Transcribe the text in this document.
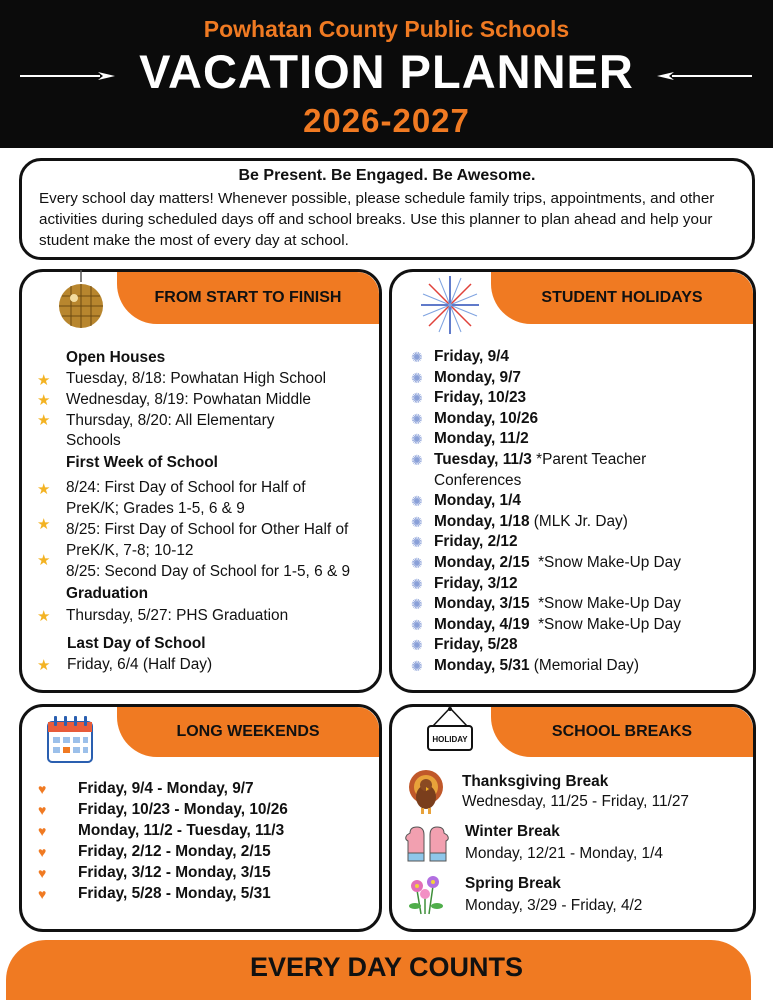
Powhatan County Public Schools
VACATION PLANNER
2026-2027
Be Present. Be Engaged. Be Awesome.
Every school day matters! Whenever possible, please schedule family trips, appointments, and other activities during scheduled days off and school breaks. Use this planner to plan ahead and help your student make the most of every day at school.
FROM START TO FINISH
Open Houses
★
★
★
Tuesday, 8/18: Powhatan High School
Wednesday, 8/19: Powhatan Middle
Thursday, 8/20: All Elementary
Schools
First Week of School
★
★
★
8/24: First Day of School for Half of
PreK/K; Grades 1-5, 6 & 9
8/25: First Day of School for Other Half of
PreK/K, 7-8; 10-12
8/25: Second Day of School for 1-5, 6 & 9
Graduation
★ Thursday, 5/27: PHS Graduation
Last Day of School
★ Friday, 6/4 (Half Day)
STUDENT HOLIDAYS
✺ Friday, 9/4
✺ Monday, 9/7
✺ Friday, 10/23
✺ Monday, 10/26
✺ Monday, 11/2
✺ Tuesday, 11/3 *Parent Teacher
Conferences
✺ Monday, 1/4
✺ Monday, 1/18 (MLK Jr. Day)
✺ Friday, 2/12
✺ Monday, 2/15  *Snow Make-Up Day
✺ Friday, 3/12
✺ Monday, 3/15  *Snow Make-Up Day
✺ Monday, 4/19  *Snow Make-Up Day
✺ Friday, 5/28
✺ Monday, 5/31 (Memorial Day)
LONG WEEKENDS
♥ Friday, 9/4 - Monday, 9/7
♥ Friday, 10/23 - Monday, 10/26
♥ Monday, 11/2 - Tuesday, 11/3
♥ Friday, 2/12 - Monday, 2/15
♥ Friday, 3/12 - Monday, 3/15
♥ Friday, 5/28 - Monday, 5/31
SCHOOL BREAKS
HOLIDAY
Thanksgiving Break
Wednesday, 11/25 - Friday, 11/27
Winter Break
Monday, 12/21 - Monday, 1/4
Spring Break
Monday, 3/29 - Friday, 4/2
EVERY DAY COUNTS
